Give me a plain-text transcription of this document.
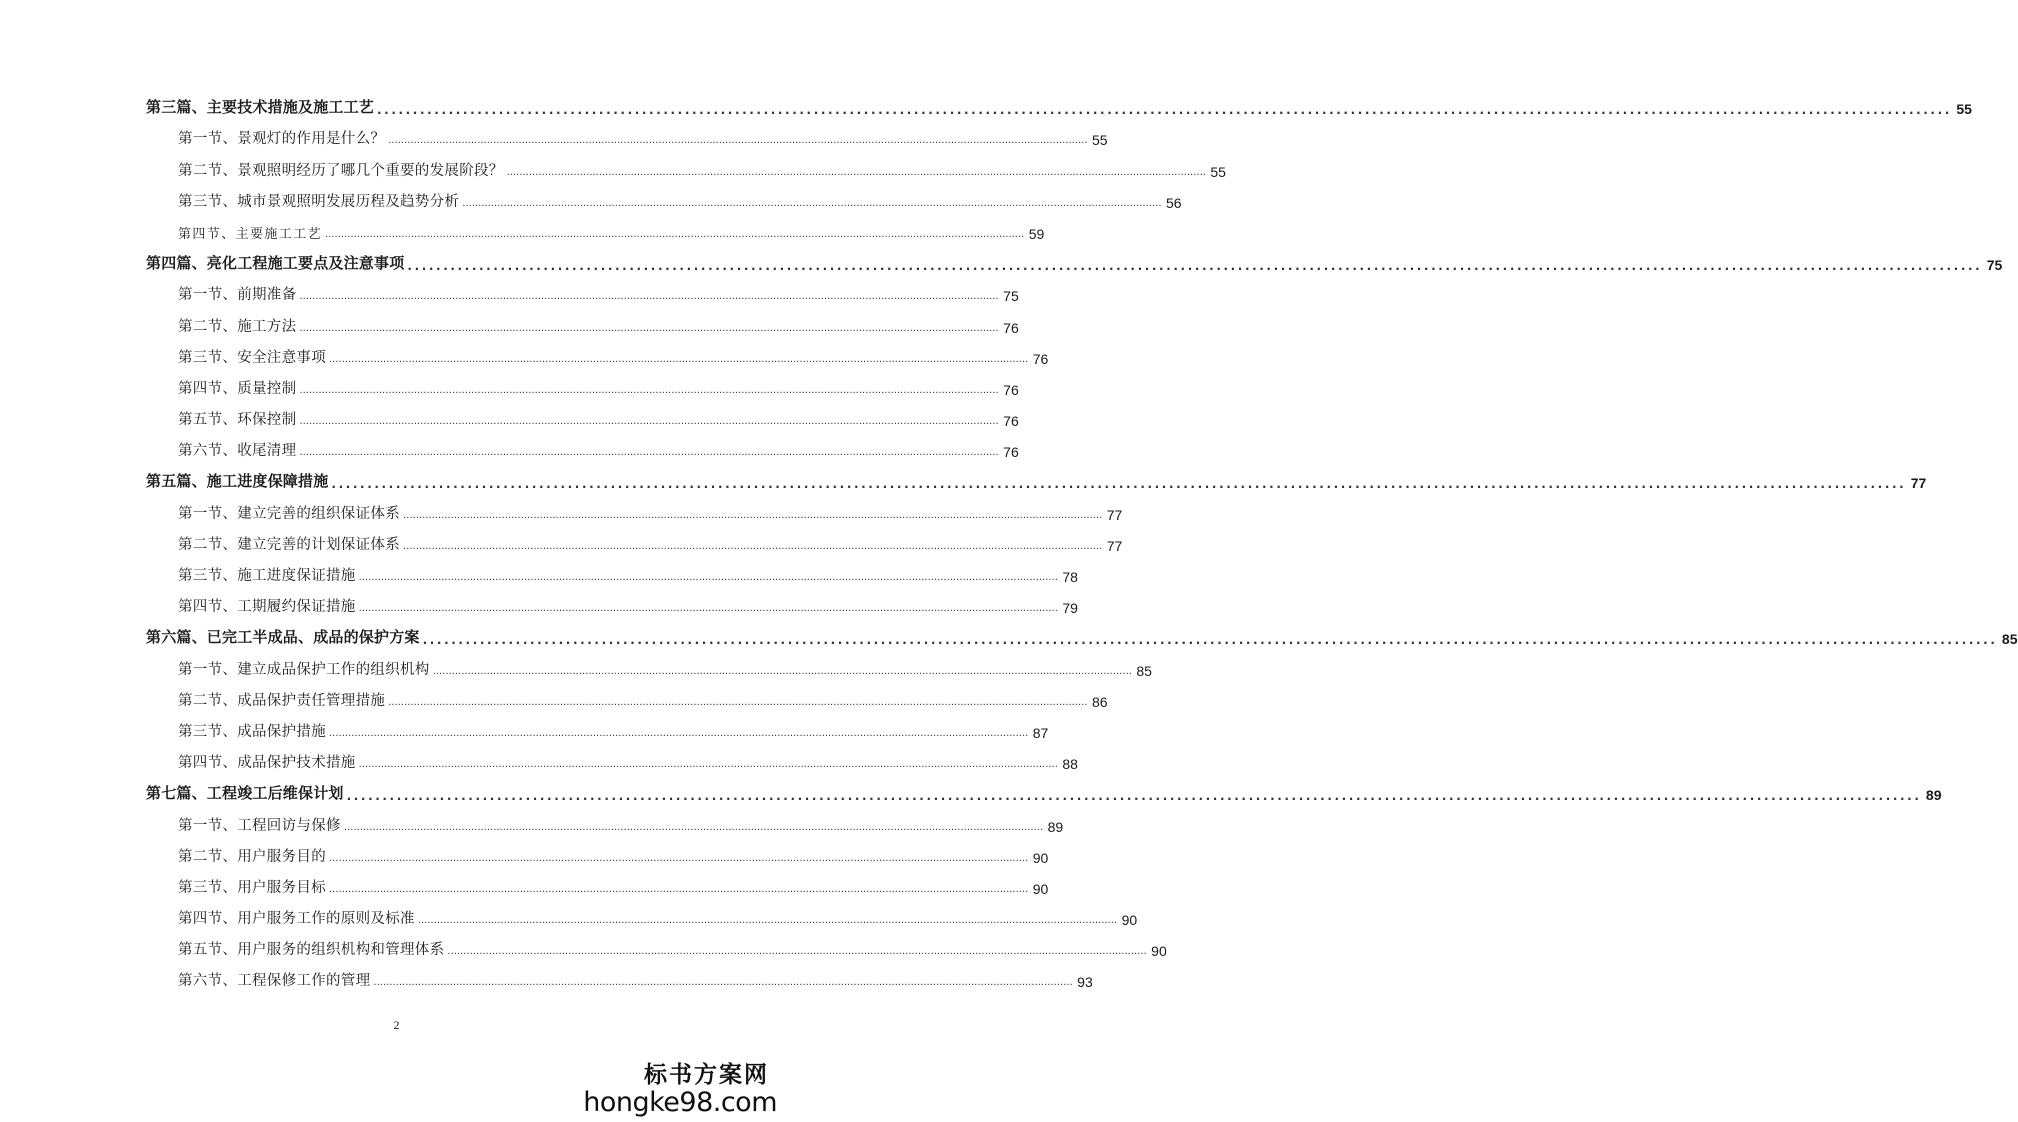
第三篇、主要技术措施及施工工艺 ............................................................................................................................................................................................................................ 55
第一节、景观灯的作用是什么？ ............................................................................................................................................................................................................................ 55
第二节、景观照明经历了哪几个重要的发展阶段？ ............................................................................................................................................................................................................................ 55
第三节、城市景观照明发展历程及趋势分析 ............................................................................................................................................................................................................................ 56
第四节、主要施工工艺 ............................................................................................................................................................................................................................ 59
第四篇、亮化工程施工要点及注意事项 ............................................................................................................................................................................................................................ 75
第一节、前期准备 ............................................................................................................................................................................................................................ 75
第二节、施工方法 ............................................................................................................................................................................................................................ 76
第三节、安全注意事项 ............................................................................................................................................................................................................................ 76
第四节、质量控制 ............................................................................................................................................................................................................................ 76
第五节、环保控制 ............................................................................................................................................................................................................................ 76
第六节、收尾清理 ............................................................................................................................................................................................................................ 76
第五篇、施工进度保障措施 ............................................................................................................................................................................................................................ 77
第一节、建立完善的组织保证体系 ............................................................................................................................................................................................................................ 77
第二节、建立完善的计划保证体系 ............................................................................................................................................................................................................................ 77
第三节、施工进度保证措施 ............................................................................................................................................................................................................................ 78
第四节、工期履约保证措施 ............................................................................................................................................................................................................................ 79
第六篇、已完工半成品、成品的保护方案 ............................................................................................................................................................................................................................ 85
第一节、建立成品保护工作的组织机构 ............................................................................................................................................................................................................................ 85
第二节、成品保护责任管理措施 ............................................................................................................................................................................................................................ 86
第三节、成品保护措施 ............................................................................................................................................................................................................................ 87
第四节、成品保护技术措施 ............................................................................................................................................................................................................................ 88
第七篇、工程竣工后维保计划 ............................................................................................................................................................................................................................ 89
第一节、工程回访与保修 ............................................................................................................................................................................................................................ 89
第二节、用户服务目的 ............................................................................................................................................................................................................................ 90
第三节、用户服务目标 ............................................................................................................................................................................................................................ 90
第四节、用户服务工作的原则及标准 ............................................................................................................................................................................................................................ 90
第五节、用户服务的组织机构和管理体系 ............................................................................................................................................................................................................................ 90
第六节、工程保修工作的管理 ............................................................................................................................................................................................................................ 93
2
标书方案网
hongke98.com
